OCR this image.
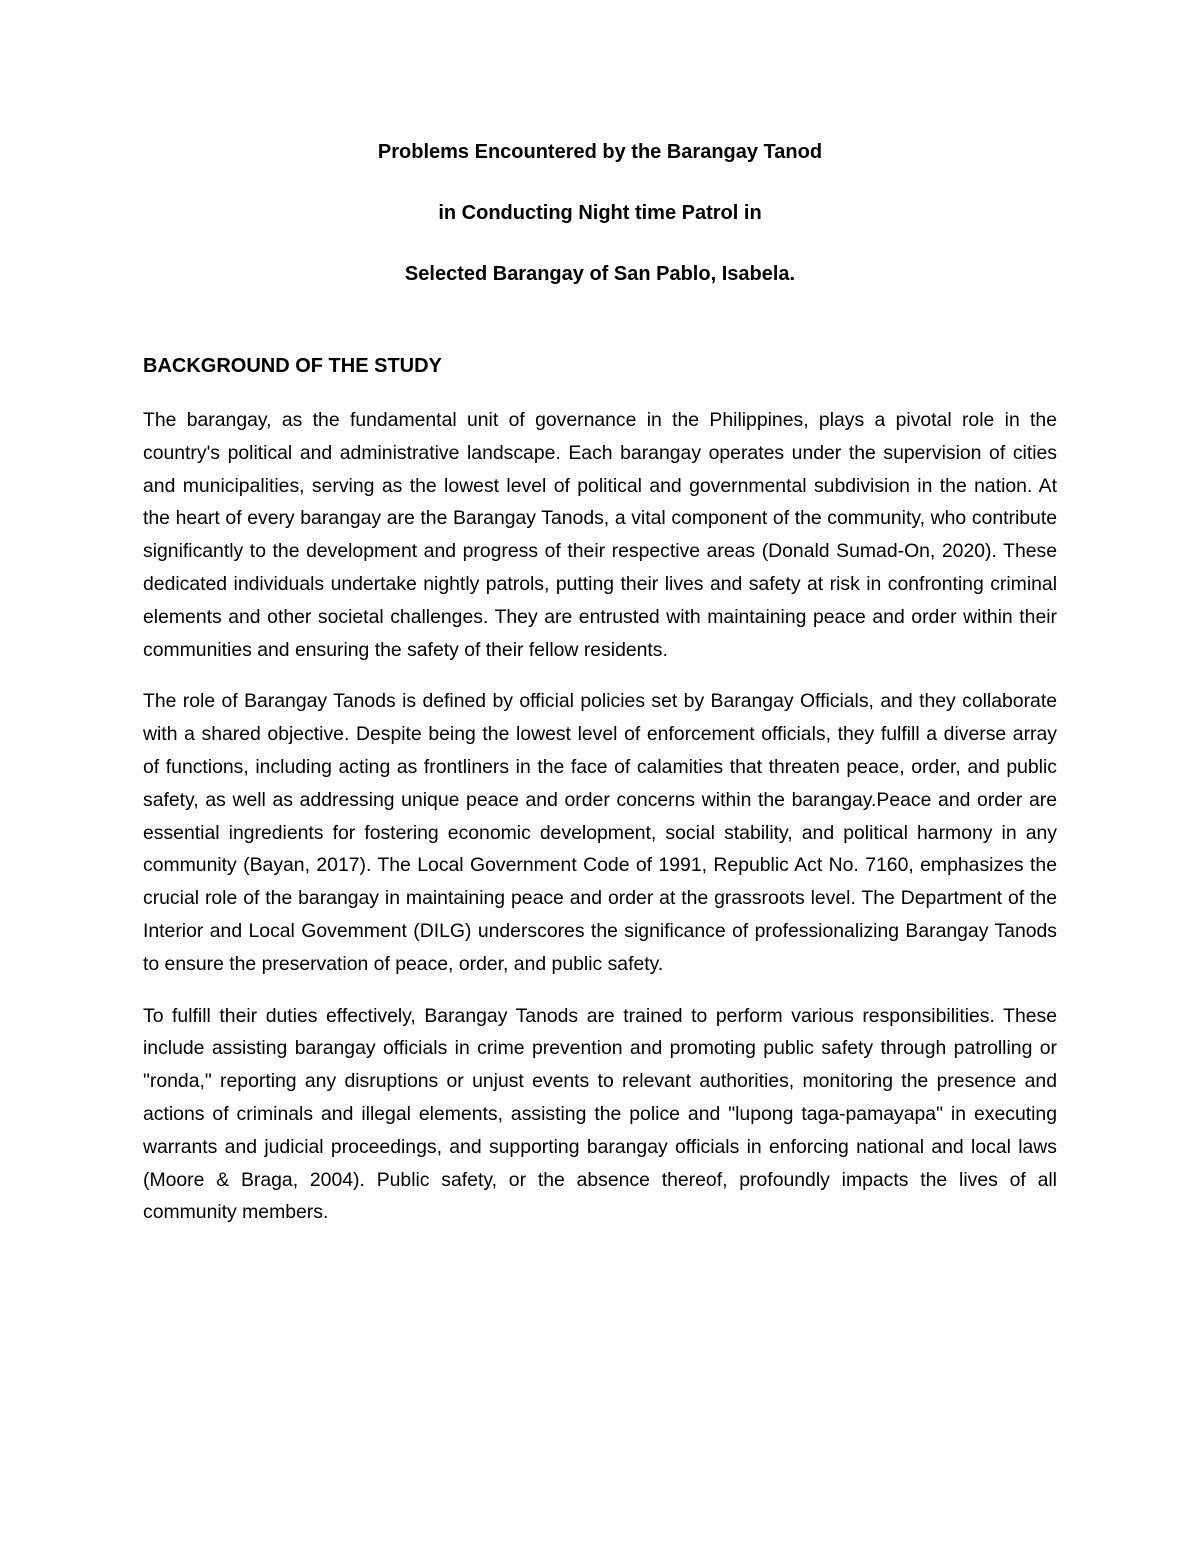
Problems Encountered by the Barangay Tanod

in Conducting Night time Patrol in

Selected Barangay of San Pablo, Isabela.

BACKGROUND OF THE STUDY

The barangay, as the fundamental unit of governance in the Philippines, plays a pivotal role in the country's political and administrative landscape. Each barangay operates under the supervision of cities and municipalities, serving as the lowest level of political and governmental subdivision in the nation. At the heart of every barangay are the Barangay Tanods, a vital component of the community, who contribute significantly to the development and progress of their respective areas (Donald Sumad-On, 2020). These dedicated individuals undertake nightly patrols, putting their lives and safety at risk in confronting criminal elements and other societal challenges. They are entrusted with maintaining peace and order within their communities and ensuring the safety of their fellow residents.

The role of Barangay Tanods is defined by official policies set by Barangay Officials, and they collaborate with a shared objective. Despite being the lowest level of enforcement officials, they fulfill a diverse array of functions, including acting as frontliners in the face of calamities that threaten peace, order, and public safety, as well as addressing unique peace and order concerns within the barangay.Peace and order are essential ingredients for fostering economic development, social stability, and political harmony in any community (Bayan, 2017). The Local Government Code of 1991, Republic Act No. 7160, emphasizes the crucial role of the barangay in maintaining peace and order at the grassroots level. The Department of the Interior and Local Govemment (DILG) underscores the significance of professionalizing Barangay Tanods to ensure the preservation of peace, order, and public safety.

To fulfill their duties effectively, Barangay Tanods are trained to perform various responsibilities. These include assisting barangay officials in crime prevention and promoting public safety through patrolling or "ronda," reporting any disruptions or unjust events to relevant authorities, monitoring the presence and actions of criminals and illegal elements, assisting the police and "lupong taga-pamayapa" in executing warrants and judicial proceedings, and supporting barangay officials in enforcing national and local laws (Moore & Braga, 2004). Public safety, or the absence thereof, profoundly impacts the lives of all community members.
